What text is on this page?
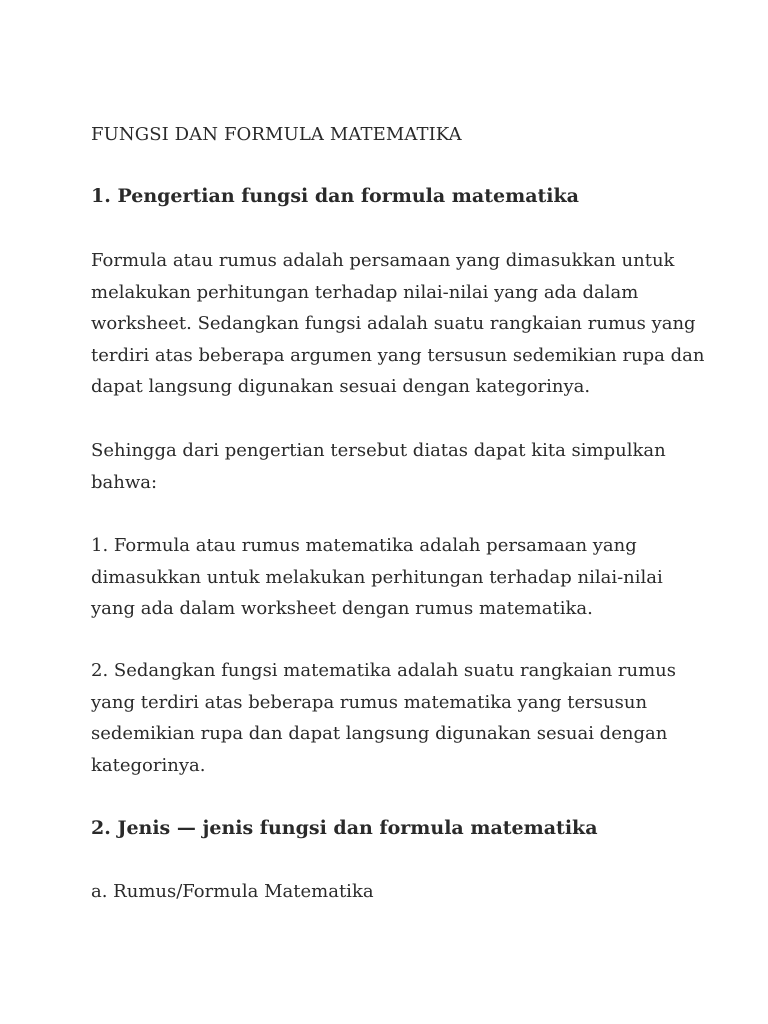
FUNGSI DAN FORMULA MATEMATIKA
1. Pengertian fungsi dan formula matematika
Formula atau rumus adalah persamaan yang dimasukkan untuk
melakukan perhitungan terhadap nilai-nilai yang ada dalam
worksheet. Sedangkan fungsi adalah suatu rangkaian rumus yang
terdiri atas beberapa argumen yang tersusun sedemikian rupa dan
dapat langsung digunakan sesuai dengan kategorinya.
Sehingga dari pengertian tersebut diatas dapat kita simpulkan
bahwa:
1. Formula atau rumus matematika adalah persamaan yang
dimasukkan untuk melakukan perhitungan terhadap nilai-nilai
yang ada dalam worksheet dengan rumus matematika.
2. Sedangkan fungsi matematika adalah suatu rangkaian rumus
yang terdiri atas beberapa rumus matematika yang tersusun
sedemikian rupa dan dapat langsung digunakan sesuai dengan
kategorinya.
2. Jenis — jenis fungsi dan formula matematika
a. Rumus/Formula Matematika
